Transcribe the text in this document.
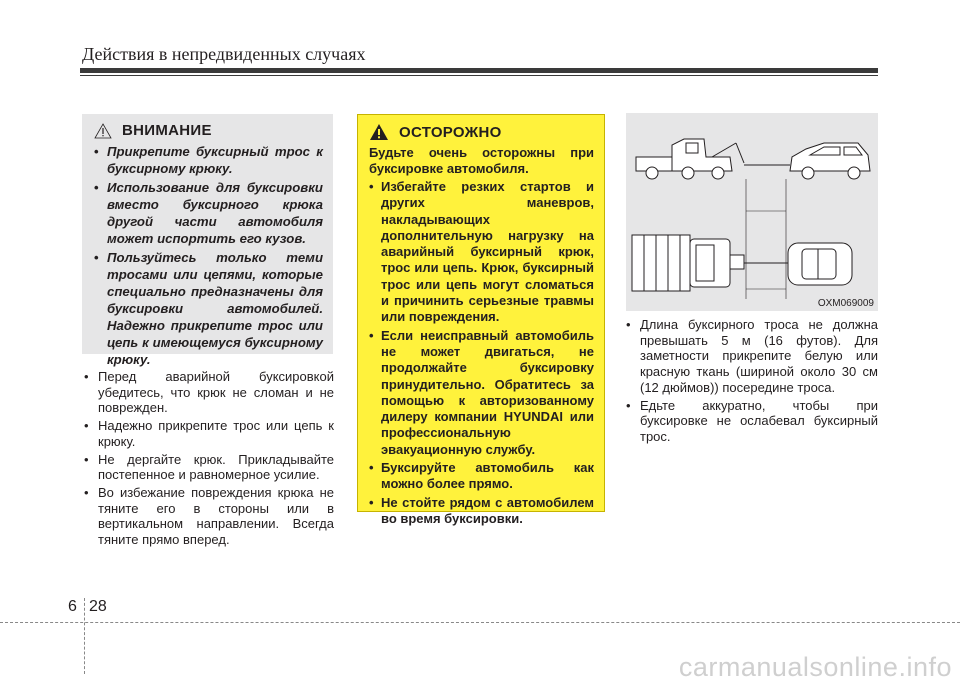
Действия в непредвиденных случаях
ВНИМАНИЕ
• Прикрепите буксирный трос к буксирному крюку.
• Использование для буксировки вместо буксирного крюка другой части автомобиля может испортить его кузов.
• Пользуйтесь только теми тросами или цепями, которые специально предназначены для буксировки автомобилей. Надежно прикрепите трос или цепь к имеющемуся буксирному крюку.
ОСТОРОЖНО
Будьте очень осторожны при буксировке автомобиля.
• Избегайте резких стартов и других маневров, накладывающих дополнительную нагрузку на аварийный буксирный крюк, трос или цепь. Крюк, буксирный трос или цепь могут сломаться и причинить серьезные травмы или повреждения.
• Если неисправный автомобиль не может двигаться, не продолжайте буксировку принудительно. Обратитесь за помощью к авторизованному дилеру компании HYUNDAI или профессиональную эвакуационную службу.
• Буксируйте автомобиль как можно более прямо.
• Не стойте рядом с автомобилем во время буксировки.
• Перед аварийной буксировкой убедитесь, что крюк не сломан и не поврежден.
• Надежно прикрепите трос или цепь к крюку.
• Не дергайте крюк. Прикладывайте постепенное и равномерное усилие.
• Во избежание повреждения крюка не тяните его в стороны или в вертикальном направлении. Всегда тяните прямо вперед.
OXM069009
• Длина буксирного троса не должна превышать 5 м (16 футов). Для заметности прикрепите белую или красную ткань (шириной около 30 см (12 дюймов)) посередине троса.
• Едьте аккуратно, чтобы при буксировке не ослабевал буксирный трос.
6 28
carmanualsonline.info
